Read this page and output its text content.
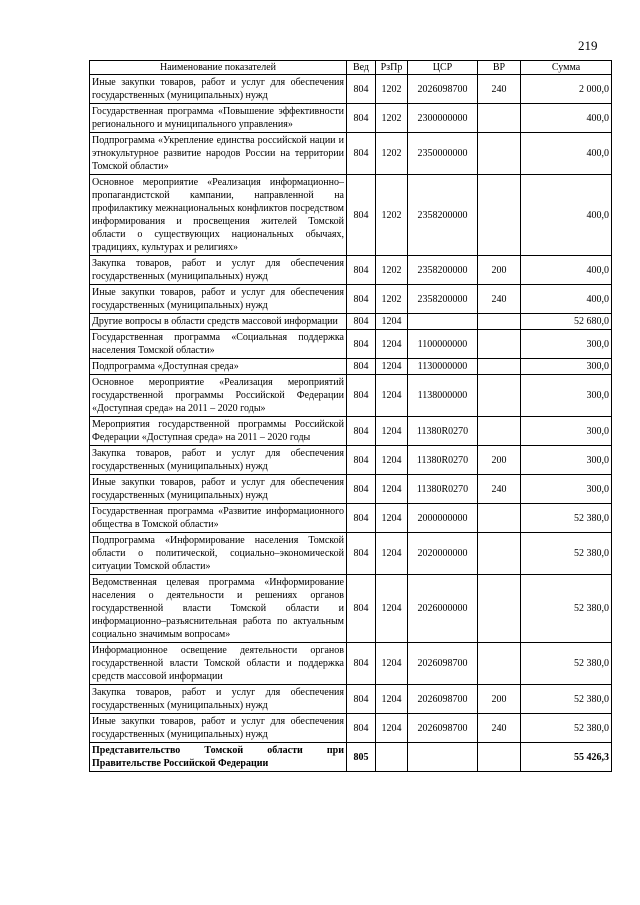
219
Наименование показателей	Вед	РзПр	ЦСР	ВР	Сумма
Иные закупки товаров, работ и услуг для обеспечения государственных (муниципальных) нужд	804	1202	2026098700	240	2 000,0
Государственная программа «Повышение эффективности регионального и муниципального управления»	804	1202	2300000000		400,0
Подпрограмма «Укрепление единства российской нации и этнокультурное развитие народов России на территории Томской области»	804	1202	2350000000		400,0
Основное мероприятие «Реализация информационно–пропагандистской кампании, направленной на профилактику межнациональных конфликтов посредством информирования и просвещения жителей Томской области о существующих национальных обычаях, традициях, культурах и религиях»	804	1202	2358200000		400,0
Закупка товаров, работ и услуг для обеспечения государственных (муниципальных) нужд	804	1202	2358200000	200	400,0
Иные закупки товаров, работ и услуг для обеспечения государственных (муниципальных) нужд	804	1202	2358200000	240	400,0
Другие вопросы в области средств массовой информации	804	1204			52 680,0
Государственная программа «Социальная поддержка населения Томской области»	804	1204	1100000000		300,0
Подпрограмма «Доступная среда»	804	1204	1130000000		300,0
Основное мероприятие «Реализация мероприятий государственной программы Российской Федерации «Доступная среда» на 2011 – 2020 годы»	804	1204	1138000000		300,0
Мероприятия государственной программы Российской Федерации «Доступная среда» на 2011 – 2020 годы	804	1204	11380R0270		300,0
Закупка товаров, работ и услуг для обеспечения государственных (муниципальных) нужд	804	1204	11380R0270	200	300,0
Иные закупки товаров, работ и услуг для обеспечения государственных (муниципальных) нужд	804	1204	11380R0270	240	300,0
Государственная программа «Развитие информационного общества в Томской области»	804	1204	2000000000		52 380,0
Подпрограмма «Информирование населения Томской области о политической, социально–экономической ситуации Томской области»	804	1204	2020000000		52 380,0
Ведомственная целевая программа «Информирование населения о деятельности и решениях органов государственной власти Томской области и информационно–разъяснительная работа по актуальным социально значимым вопросам»	804	1204	2026000000		52 380,0
Информационное освещение деятельности органов государственной власти Томской области и поддержка средств массовой информации	804	1204	2026098700		52 380,0
Закупка товаров, работ и услуг для обеспечения государственных (муниципальных) нужд	804	1204	2026098700	200	52 380,0
Иные закупки товаров, работ и услуг для обеспечения государственных (муниципальных) нужд	804	1204	2026098700	240	52 380,0
Представительство Томской области при Правительстве Российской Федерации	805				55 426,3
